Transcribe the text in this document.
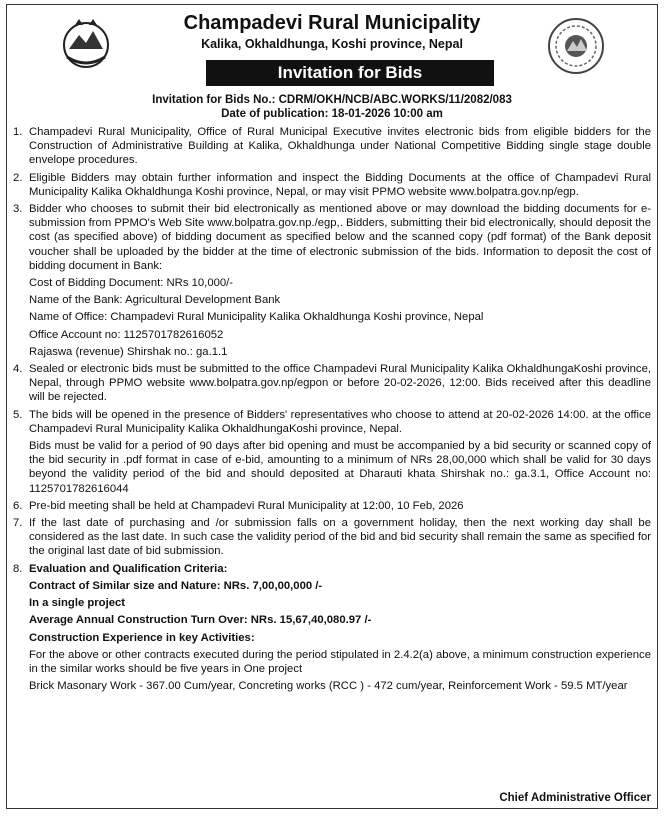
Champadevi Rural Municipality
Kalika, Okhaldhunga, Koshi province, Nepal
Invitation for Bids
Invitation for Bids No.: CDRM/OKH/NCB/ABC.WORKS/11/2082/083
Date of publication: 18-01-2026 10:00 am
1. Champadevi Rural Municipality, Office of Rural Municipal Executive invites electronic bids from eligible bidders for the Construction of Administrative Building at Kalika, Okhaldhunga under National Competitive Bidding single stage double envelope procedures.
2. Eligible Bidders may obtain further information and inspect the Bidding Documents at the office of Champadevi Rural Municipality Kalika Okhaldhunga Koshi province, Nepal, or may visit PPMO website www.bolpatra.gov.np/egp.
3. Bidder who chooses to submit their bid electronically as mentioned above or may download the bidding documents for e-submission from PPMO's Web Site www.bolpatra.gov.np./egp,. Bidders, submitting their bid electronically, should deposit the cost (as specified above) of bidding document as specified below and the scanned copy (pdf format) of the Bank deposit voucher shall be uploaded by the bidder at the time of electronic submission of the bids. Information to deposit the cost of bidding document in Bank:
Cost of Bidding Document: NRs 10,000/-
Name of the Bank: Agricultural Development Bank
Name of Office: Champadevi Rural Municipality Kalika Okhaldhunga Koshi province, Nepal
Office Account no: 1125701782616052
Rajaswa (revenue) Shirshak no.: ga.1.1
4. Sealed or electronic bids must be submitted to the office Champadevi Rural Municipality Kalika OkhaldhungaKoshi province, Nepal, through PPMO website www.bolpatra.gov.np/egpon or before 20-02-2026, 12:00. Bids received after this deadline will be rejected.
5. The bids will be opened in the presence of Bidders' representatives who choose to attend at 20-02-2026 14:00. at the office Champadevi Rural Municipality Kalika OkhaldhungaKoshi province, Nepal.
Bids must be valid for a period of 90 days after bid opening and must be accompanied by a bid security or scanned copy of the bid security in .pdf format in case of e-bid, amounting to a minimum of NRs 28,00,000 which shall be valid for 30 days beyond the validity period of the bid and should deposited at Dharauti khata Shirshak no.: ga.3.1, Office Account no: 1125701782616044
6. Pre-bid meeting shall be held at Champadevi Rural Municipality at 12:00, 10 Feb, 2026
7. If the last date of purchasing and /or submission falls on a government holiday, then the next working day shall be considered as the last date. In such case the validity period of the bid and bid security shall remain the same as specified for the original last date of bid submission.
8. Evaluation and Qualification Criteria:
Contract of Similar size and Nature: NRs. 7,00,00,000 /-
In a single project
Average Annual Construction Turn Over: NRs. 15,67,40,080.97 /-
Construction Experience in key Activities:
For the above or other contracts executed during the period stipulated in 2.4.2(a) above, a minimum construction experience in the similar works should be five years in One project
Brick Masonary Work - 367.00 Cum/year, Concreting works (RCC ) - 472 cum/year, Reinforcement Work - 59.5 MT/year
Chief Administrative Officer
